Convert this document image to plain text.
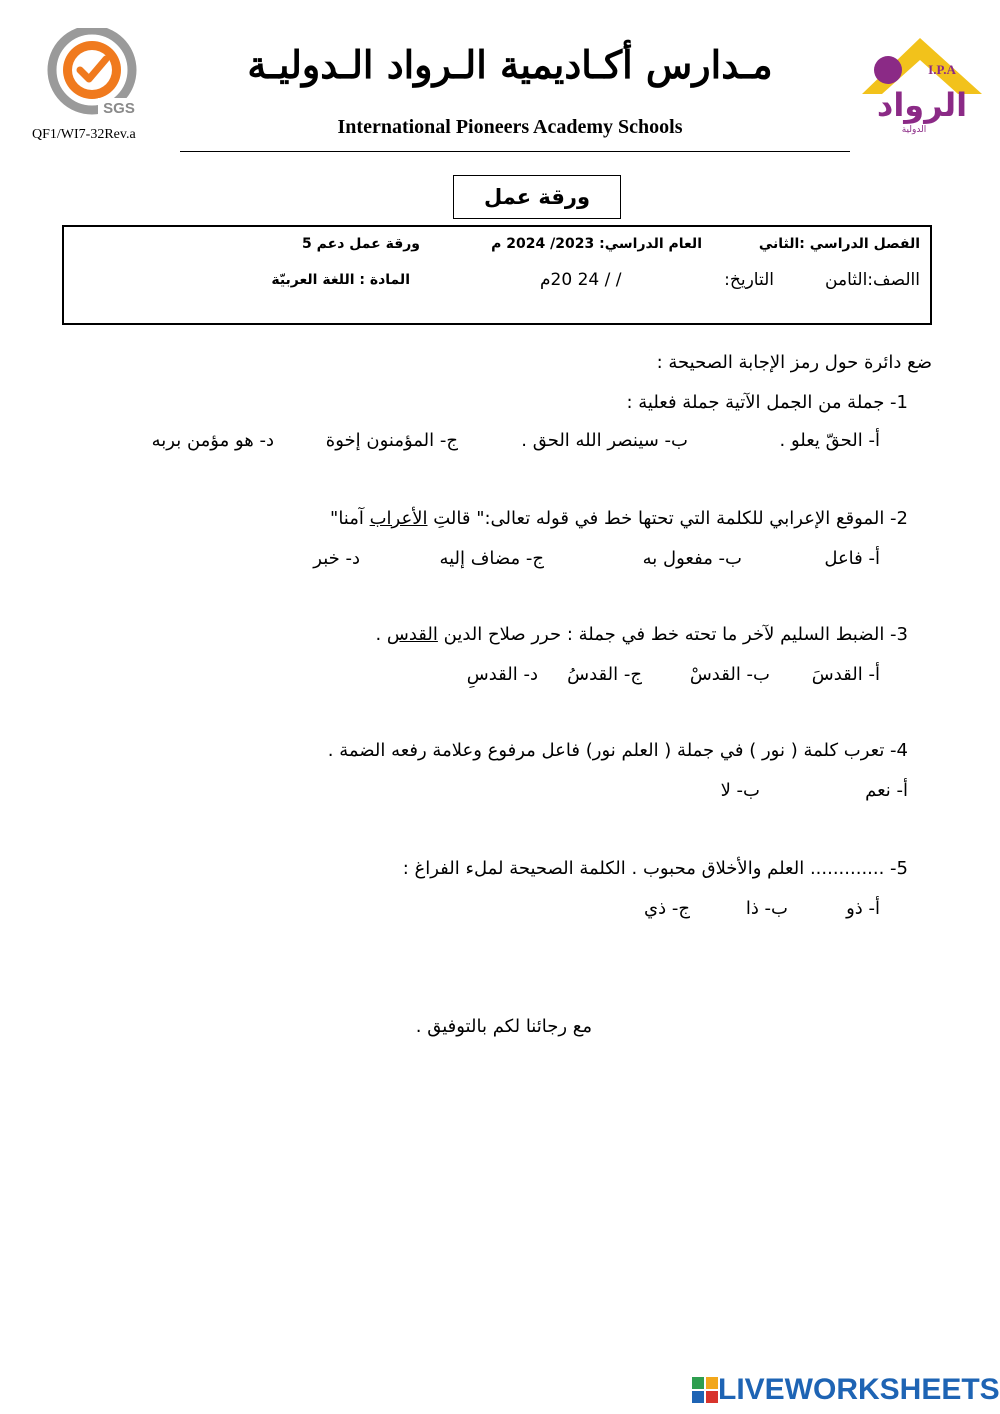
SGS
QF1/WI7-32Rev.a
مـدارس أكـاديمية الـرواد الـدوليـة
International Pioneers Academy Schools
I.P.A
الرواد
الدولية
ورقة عمل
الفصل الدراسي :الثاني
العام الدراسي: 2023/ 2024 م
ورقة عمل دعم 5
االصف:الثامن
التاريخ:
/ / 24 20م
المادة : اللغة العربيّة
ضع دائرة حول رمز الإجابة الصحيحة :
1- جملة من الجمل الآتية جملة فعلية :
أ- الحقّ يعلو .
ب- سينصر الله الحق .
ج- المؤمنون إخوة
د- هو مؤمن بربه
2- الموقع الإعرابي للكلمة التي تحتها خط في قوله تعالى:" قالتِ الأعراب آمنا"
أ- فاعل
ب- مفعول به
ج- مضاف إليه
د- خبر
3- الضبط السليم لآخر ما تحته خط في جملة : حرر صلاح الدين القدس .
أ- القدسَ
ب- القدسْ
ج- القدسُ
د- القدسِ
4- تعرب كلمة ( نور ) في جملة ( العلم نور) فاعل مرفوع وعلامة رفعه الضمة .
أ- نعم
ب- لا
5- ............. العلم والأخلاق محبوب . الكلمة الصحيحة لملء الفراغ :
أ- ذو
ب- ذا
ج- ذي
مع رجائنا لكم بالتوفيق .
LIVEWORKSHEETS
